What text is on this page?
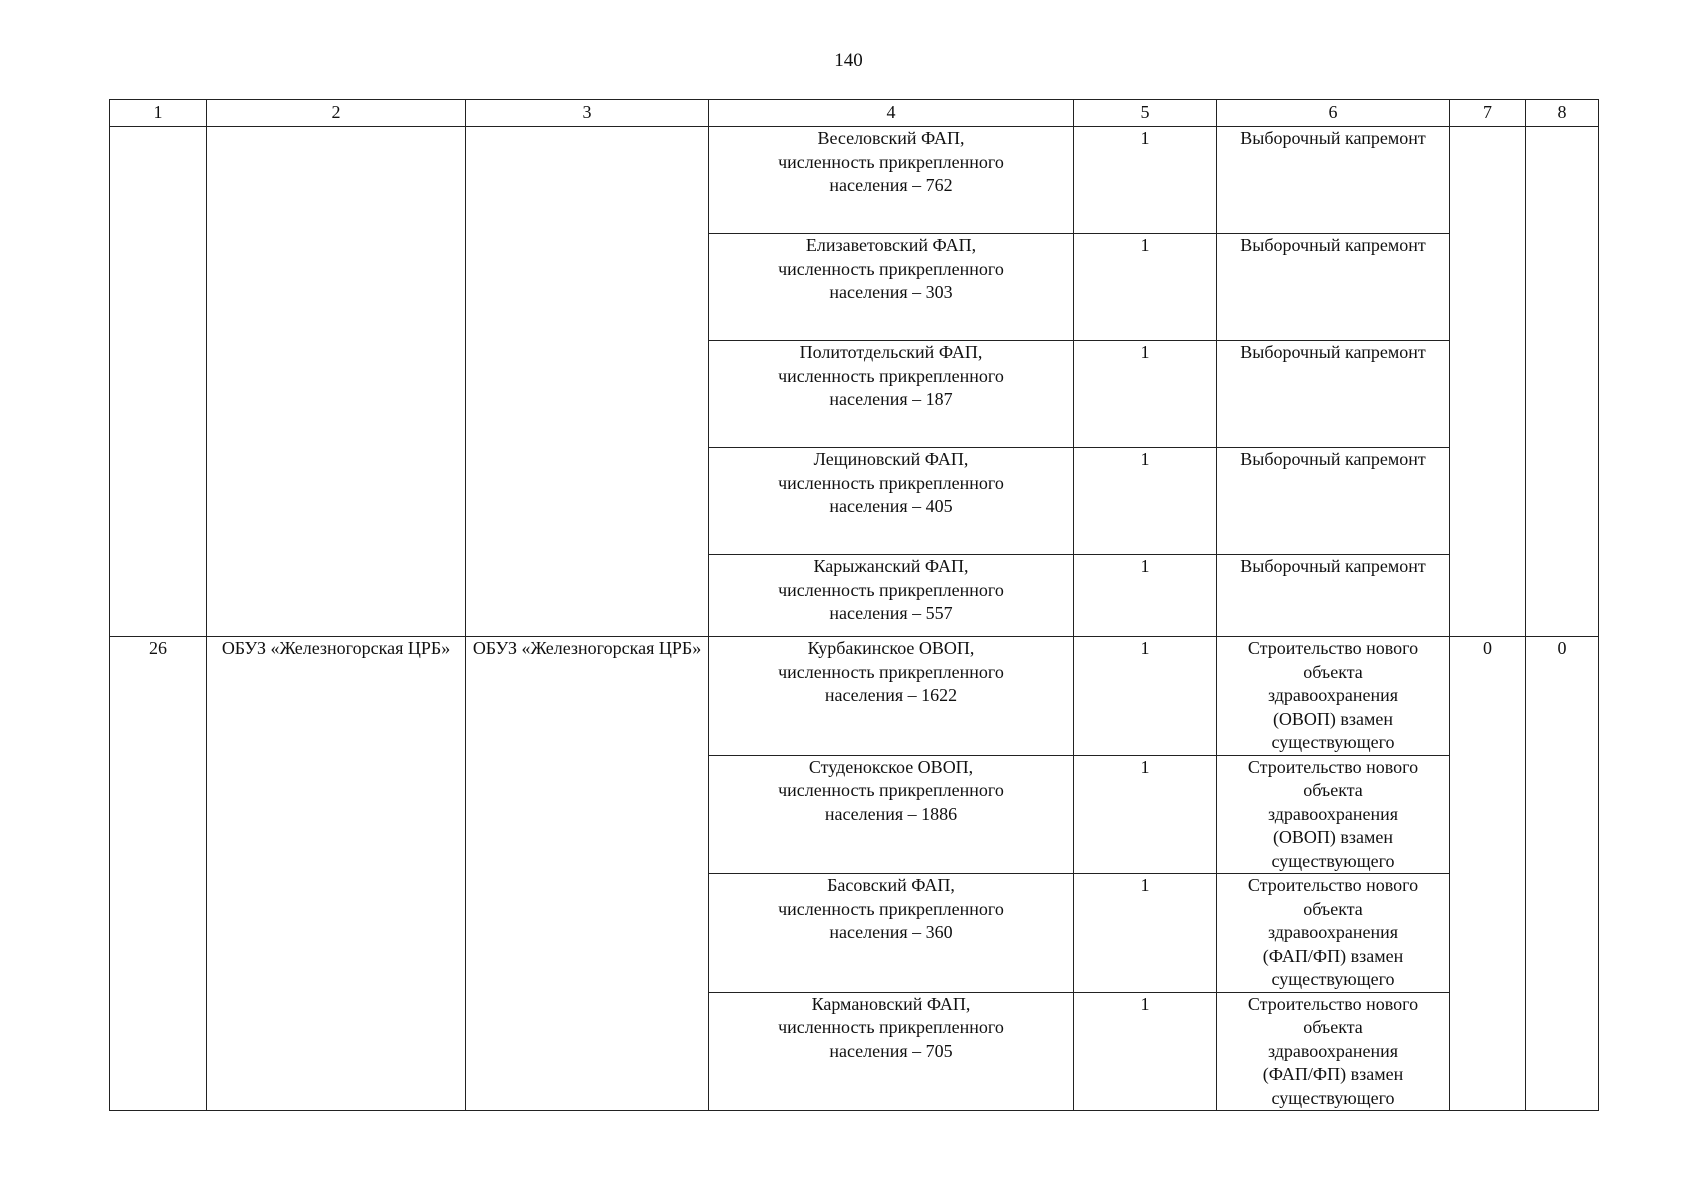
140
1	2	3	4	5	6	7	8

			Веселовский ФАП,
численность прикрепленного
населения – 762	1	Выборочный капремонт		

			Елизаветовский ФАП,
численность прикрепленного
населения – 303	1	Выборочный капремонт		

			Политотдельский ФАП,
численность прикрепленного
населения – 187	1	Выборочный капремонт		

			Лещиновский ФАП,
численность прикрепленного
населения – 405	1	Выборочный капремонт		

			Карыжанский ФАП,
численность прикрепленного
населения – 557	1	Выборочный капремонт		
26	ОБУЗ «Железногорская ЦРБ»	ОБУЗ «Железногорская ЦРБ»	Курбакинское ОВОП,
численность прикрепленного
населения – 1622	1	Строительство нового
объекта
здравоохранения
(ОВОП) взамен
существующего	0	0

			Студенокское ОВОП,
численность прикрепленного
населения – 1886	1	Строительство нового
объекта
здравоохранения
(ОВОП) взамен
существующего		

			Басовский ФАП,
численность прикрепленного
населения – 360	1	Строительство нового
объекта
здравоохранения
(ФАП/ФП) взамен
существующего		

			Кармановский ФАП,
численность прикрепленного
населения – 705	1	Строительство нового
объекта
здравоохранения
(ФАП/ФП) взамен
существующего		
